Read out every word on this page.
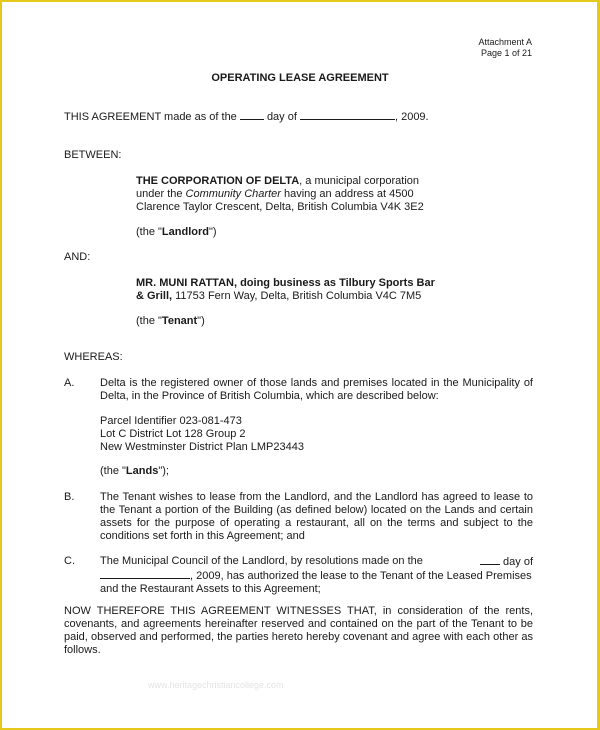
Attachment A
Page 1 of 21
OPERATING LEASE AGREEMENT
THIS AGREEMENT made as of the	day of	, 2009.
BETWEEN:
THE CORPORATION OF DELTA, a municipal corporation
under the Community Charter having an address at 4500
Clarence Taylor Crescent, Delta, British Columbia V4K 3E2
(the "Landlord")
AND:
MR. MUNI RATTAN, doing business as Tilbury Sports Bar
& Grill, 11753 Fern Way, Delta, British Columbia V4C 7M5
(the "Tenant")
WHEREAS:
A. Delta is the registered owner of those lands and premises located in the Municipality of Delta, in the Province of British Columbia, which are described below:
Parcel Identifier 023-081-473
Lot C District Lot 128 Group 2
New Westminster District Plan LMP23443
(the "Lands");
B. The Tenant wishes to lease from the Landlord, and the Landlord has agreed to lease to the Tenant a portion of the Building (as defined below) located on the Lands and certain assets for the purpose of operating a restaurant, all on the terms and subject to the conditions set forth in this Agreement; and
C. The Municipal Council of the Landlord, by resolutions made on the	day of
, 2009, has authorized the lease to the Tenant of the Leased Premises
and the Restaurant Assets to this Agreement;
NOW THEREFORE THIS AGREEMENT WITNESSES THAT, in consideration of the rents, covenants, and agreements hereinafter reserved and contained on the part of the Tenant to be paid, observed and performed, the parties hereto hereby covenant and agree with each other as follows.
www.heritagechristiancollege.com
